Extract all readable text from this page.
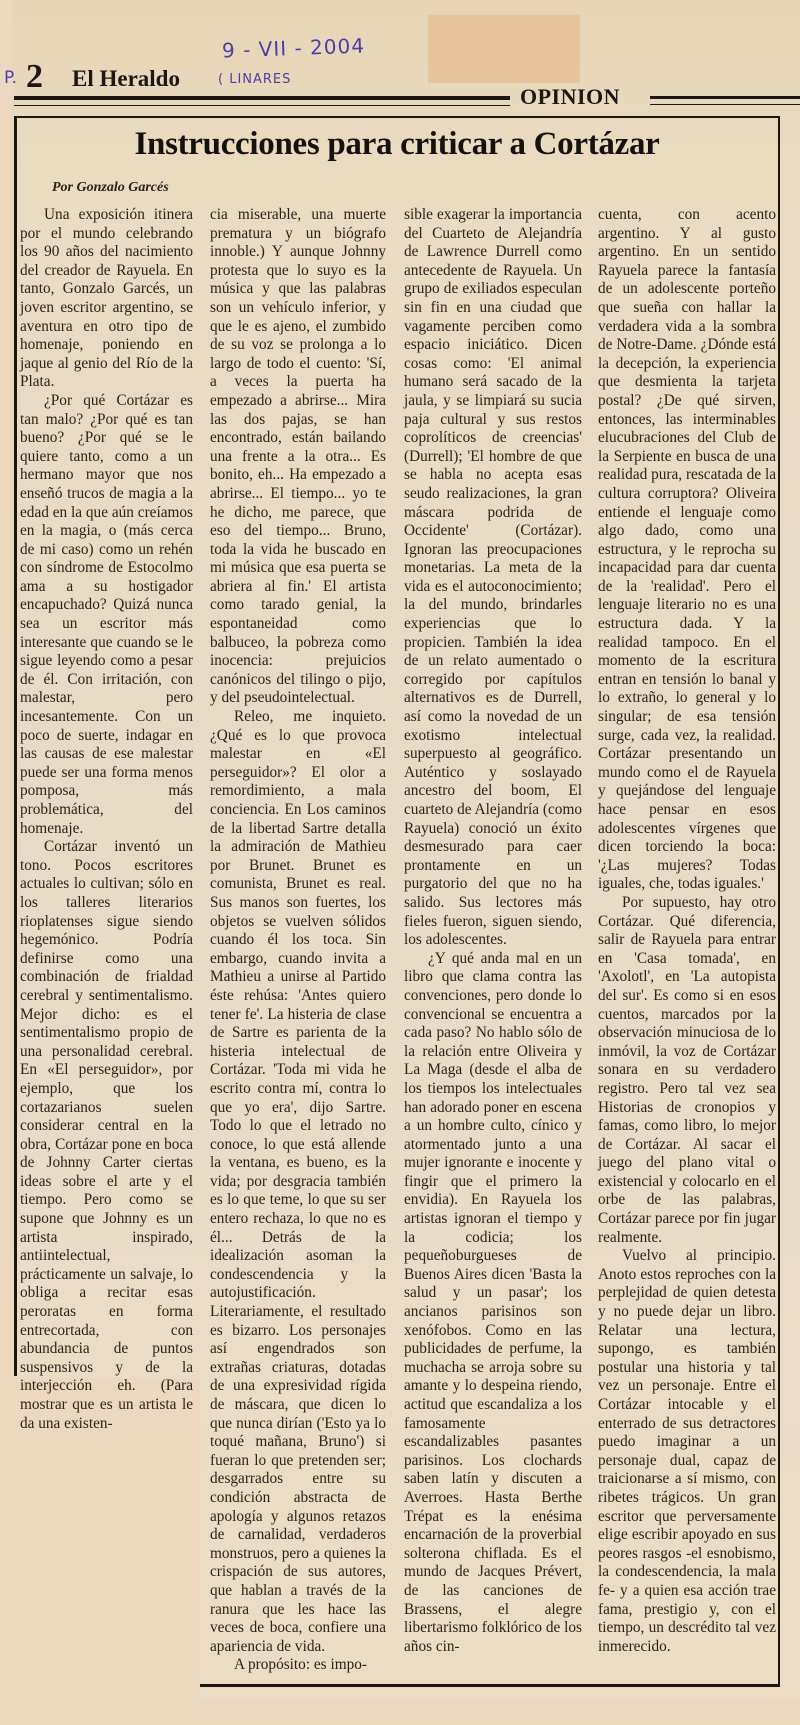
9 - VII - 2004
P. 2 El Heraldo	( LINARES
OPINION
Instrucciones para criticar a Cortázar
Por Gonzalo Garcés

Una exposición itinera por el mundo celebrando los 90 años del nacimiento del creador de Rayuela. En tanto, Gonzalo Garcés, un joven escritor argentino, se aventura en otro tipo de homenaje, poniendo en jaque al genio del Río de la Plata.

¿Por qué Cortázar es tan malo? ¿Por qué es tan bueno? ¿Por qué se le quiere tanto, como a un hermano mayor que nos enseñó trucos de magia a la edad en la que aún creíamos en la magia, o (más cerca de mi caso) como un rehén con síndrome de Estocolmo ama a su hostigador encapuchado? Quizá nunca sea un escritor más interesante que cuando se le sigue leyendo como a pesar de él. Con irritación, con malestar, pero incesantemente. Con un poco de suerte, indagar en las causas de ese malestar puede ser una forma menos pomposa, más problemática, del homenaje.

Cortázar inventó un tono. Pocos escritores actuales lo cultivan; sólo en los talleres literarios rioplatenses sigue siendo hegemónico. Podría definirse como una combinación de frialdad cerebral y sentimentalismo. Mejor dicho: es el sentimentalismo propio de una personalidad cerebral. En «El perseguidor», por ejemplo, que los cortazarianos suelen considerar central en la obra, Cortázar pone en boca de Johnny Carter ciertas ideas sobre el arte y el tiempo. Pero como se supone que Johnny es un artista inspirado, antiintelectual, prácticamente un salvaje, lo obliga a recitar esas peroratas en forma entrecortada, con abundancia de puntos suspensivos y de la interjección eh. (Para mostrar que es un artista le da una existen-

cia miserable, una muerte prematura y un biógrafo innoble.) Y aunque Johnny protesta que lo suyo es la música y que las palabras son un vehículo inferior, y que le es ajeno, el zumbido de su voz se prolonga a lo largo de todo el cuento: 'Sí, a veces la puerta ha empezado a abrirse... Mira las dos pajas, se han encontrado, están bailando una frente a la otra... Es bonito, eh... Ha empezado a abrirse... El tiempo... yo te he dicho, me parece, que eso del tiempo... Bruno, toda la vida he buscado en mi música que esa puerta se abriera al fin.' El artista como tarado genial, la espontaneidad como balbuceo, la pobreza como inocencia: prejuicios canónicos del tilingo o pijo, y del pseudointelectual.

Releo, me inquieto. ¿Qué es lo que provoca malestar en «El perseguidor»? El olor a remordimiento, a mala conciencia. En Los caminos de la libertad Sartre detalla la admiración de Mathieu por Brunet. Brunet es comunista, Brunet es real. Sus manos son fuertes, los objetos se vuelven sólidos cuando él los toca. Sin embargo, cuando invita a Mathieu a unirse al Partido éste rehúsa: 'Antes quiero tener fe'. La histeria de clase de Sartre es parienta de la histeria intelectual de Cortázar. 'Toda mi vida he escrito contra mí, contra lo que yo era', dijo Sartre. Todo lo que el letrado no conoce, lo que está allende la ventana, es bueno, es la vida; por desgracia también es lo que teme, lo que su ser entero rechaza, lo que no es él... Detrás de la idealización asoman la condescendencia y la autojustificación. Literariamente, el resultado es bizarro. Los personajes así engendrados son extrañas criaturas, dotadas de una expresividad rígida de máscara, que dicen lo que nunca dirían ('Esto ya lo toqué mañana, Bruno') si fueran lo que pretenden ser; desgarrados entre su condición abstracta de apología y algunos retazos de carnalidad, verdaderos monstruos, pero a quienes la crispación de sus autores, que hablan a través de la ranura que les hace las veces de boca, confiere una apariencia de vida.

A propósito: es impo-

sible exagerar la importancia del Cuarteto de Alejandría de Lawrence Durrell como antecedente de Rayuela. Un grupo de exiliados especulan sin fin en una ciudad que vagamente perciben como espacio iniciático. Dicen cosas como: 'El animal humano será sacado de la jaula, y se limpiará su sucia paja cultural y sus restos coprolíticos de creencias' (Durrell); 'El hombre de que se habla no acepta esas seudo realizaciones, la gran máscara podrida de Occidente' (Cortázar). Ignoran las preocupaciones monetarias. La meta de la vida es el autoconocimiento; la del mundo, brindarles experiencias que lo propicien. También la idea de un relato aumentado o corregido por capítulos alternativos es de Durrell, así como la novedad de un exotismo intelectual superpuesto al geográfico. Auténtico y soslayado ancestro del boom, El cuarteto de Alejandría (como Rayuela) conoció un éxito desmesurado para caer prontamente en un purgatorio del que no ha salido. Sus lectores más fieles fueron, siguen siendo, los adolescentes.

¿Y qué anda mal en un libro que clama contra las convenciones, pero donde lo convencional se encuentra a cada paso? No hablo sólo de la relación entre Oliveira y La Maga (desde el alba de los tiempos los intelectuales han adorado poner en escena a un hombre culto, cínico y atormentado junto a una mujer ignorante e inocente y fingir que el primero la envidia). En Rayuela los artistas ignoran el tiempo y la codicia; los pequeñoburgueses de Buenos Aires dicen 'Basta la salud y un pasar'; los ancianos parisinos son xenófobos. Como en las publicidades de perfume, la muchacha se arroja sobre su amante y lo despeina riendo, actitud que escandaliza a los famosamente escandalizables pasantes parisinos. Los clochards saben latín y discuten a Averroes. Hasta Berthe Trépat es la enésima encarnación de la proverbial solterona chiflada. Es el mundo de Jacques Prévert, de las canciones de Brassens, el alegre libertarismo folklórico de los años cin-

cuenta, con acento argentino. Y al gusto argentino. En un sentido Rayuela parece la fantasía de un adolescente porteño que sueña con hallar la verdadera vida a la sombra de Notre-Dame. ¿Dónde está la decepción, la experiencia que desmienta la tarjeta postal? ¿De qué sirven, entonces, las interminables elucubraciones del Club de la Serpiente en busca de una realidad pura, rescatada de la cultura corruptora? Oliveira entiende el lenguaje como algo dado, como una estructura, y le reprocha su incapacidad para dar cuenta de la 'realidad'. Pero el lenguaje literario no es una estructura dada. Y la realidad tampoco. En el momento de la escritura entran en tensión lo banal y lo extraño, lo general y lo singular; de esa tensión surge, cada vez, la realidad. Cortázar presentando un mundo como el de Rayuela y quejándose del lenguaje hace pensar en esos adolescentes vírgenes que dicen torciendo la boca: '¿Las mujeres? Todas iguales, che, todas iguales.'

Por supuesto, hay otro Cortázar. Qué diferencia, salir de Rayuela para entrar en 'Casa tomada', en 'Axolotl', en 'La autopista del sur'. Es como si en esos cuentos, marcados por la observación minuciosa de lo inmóvil, la voz de Cortázar sonara en su verdadero registro. Pero tal vez sea Historias de cronopios y famas, como libro, lo mejor de Cortázar. Al sacar el juego del plano vital o existencial y colocarlo en el orbe de las palabras, Cortázar parece por fin jugar realmente.

Vuelvo al principio. Anoto estos reproches con la perplejidad de quien detesta y no puede dejar un libro. Relatar una lectura, supongo, es también postular una historia y tal vez un personaje. Entre el Cortázar intocable y el enterrado de sus detractores puedo imaginar a un personaje dual, capaz de traicionarse a sí mismo, con ribetes trágicos. Un gran escritor que perversamente elige escribir apoyado en sus peores rasgos -el esnobismo, la condescendencia, la mala fe- y a quien esa acción trae fama, prestigio y, con el tiempo, un descrédito tal vez inmerecido.
